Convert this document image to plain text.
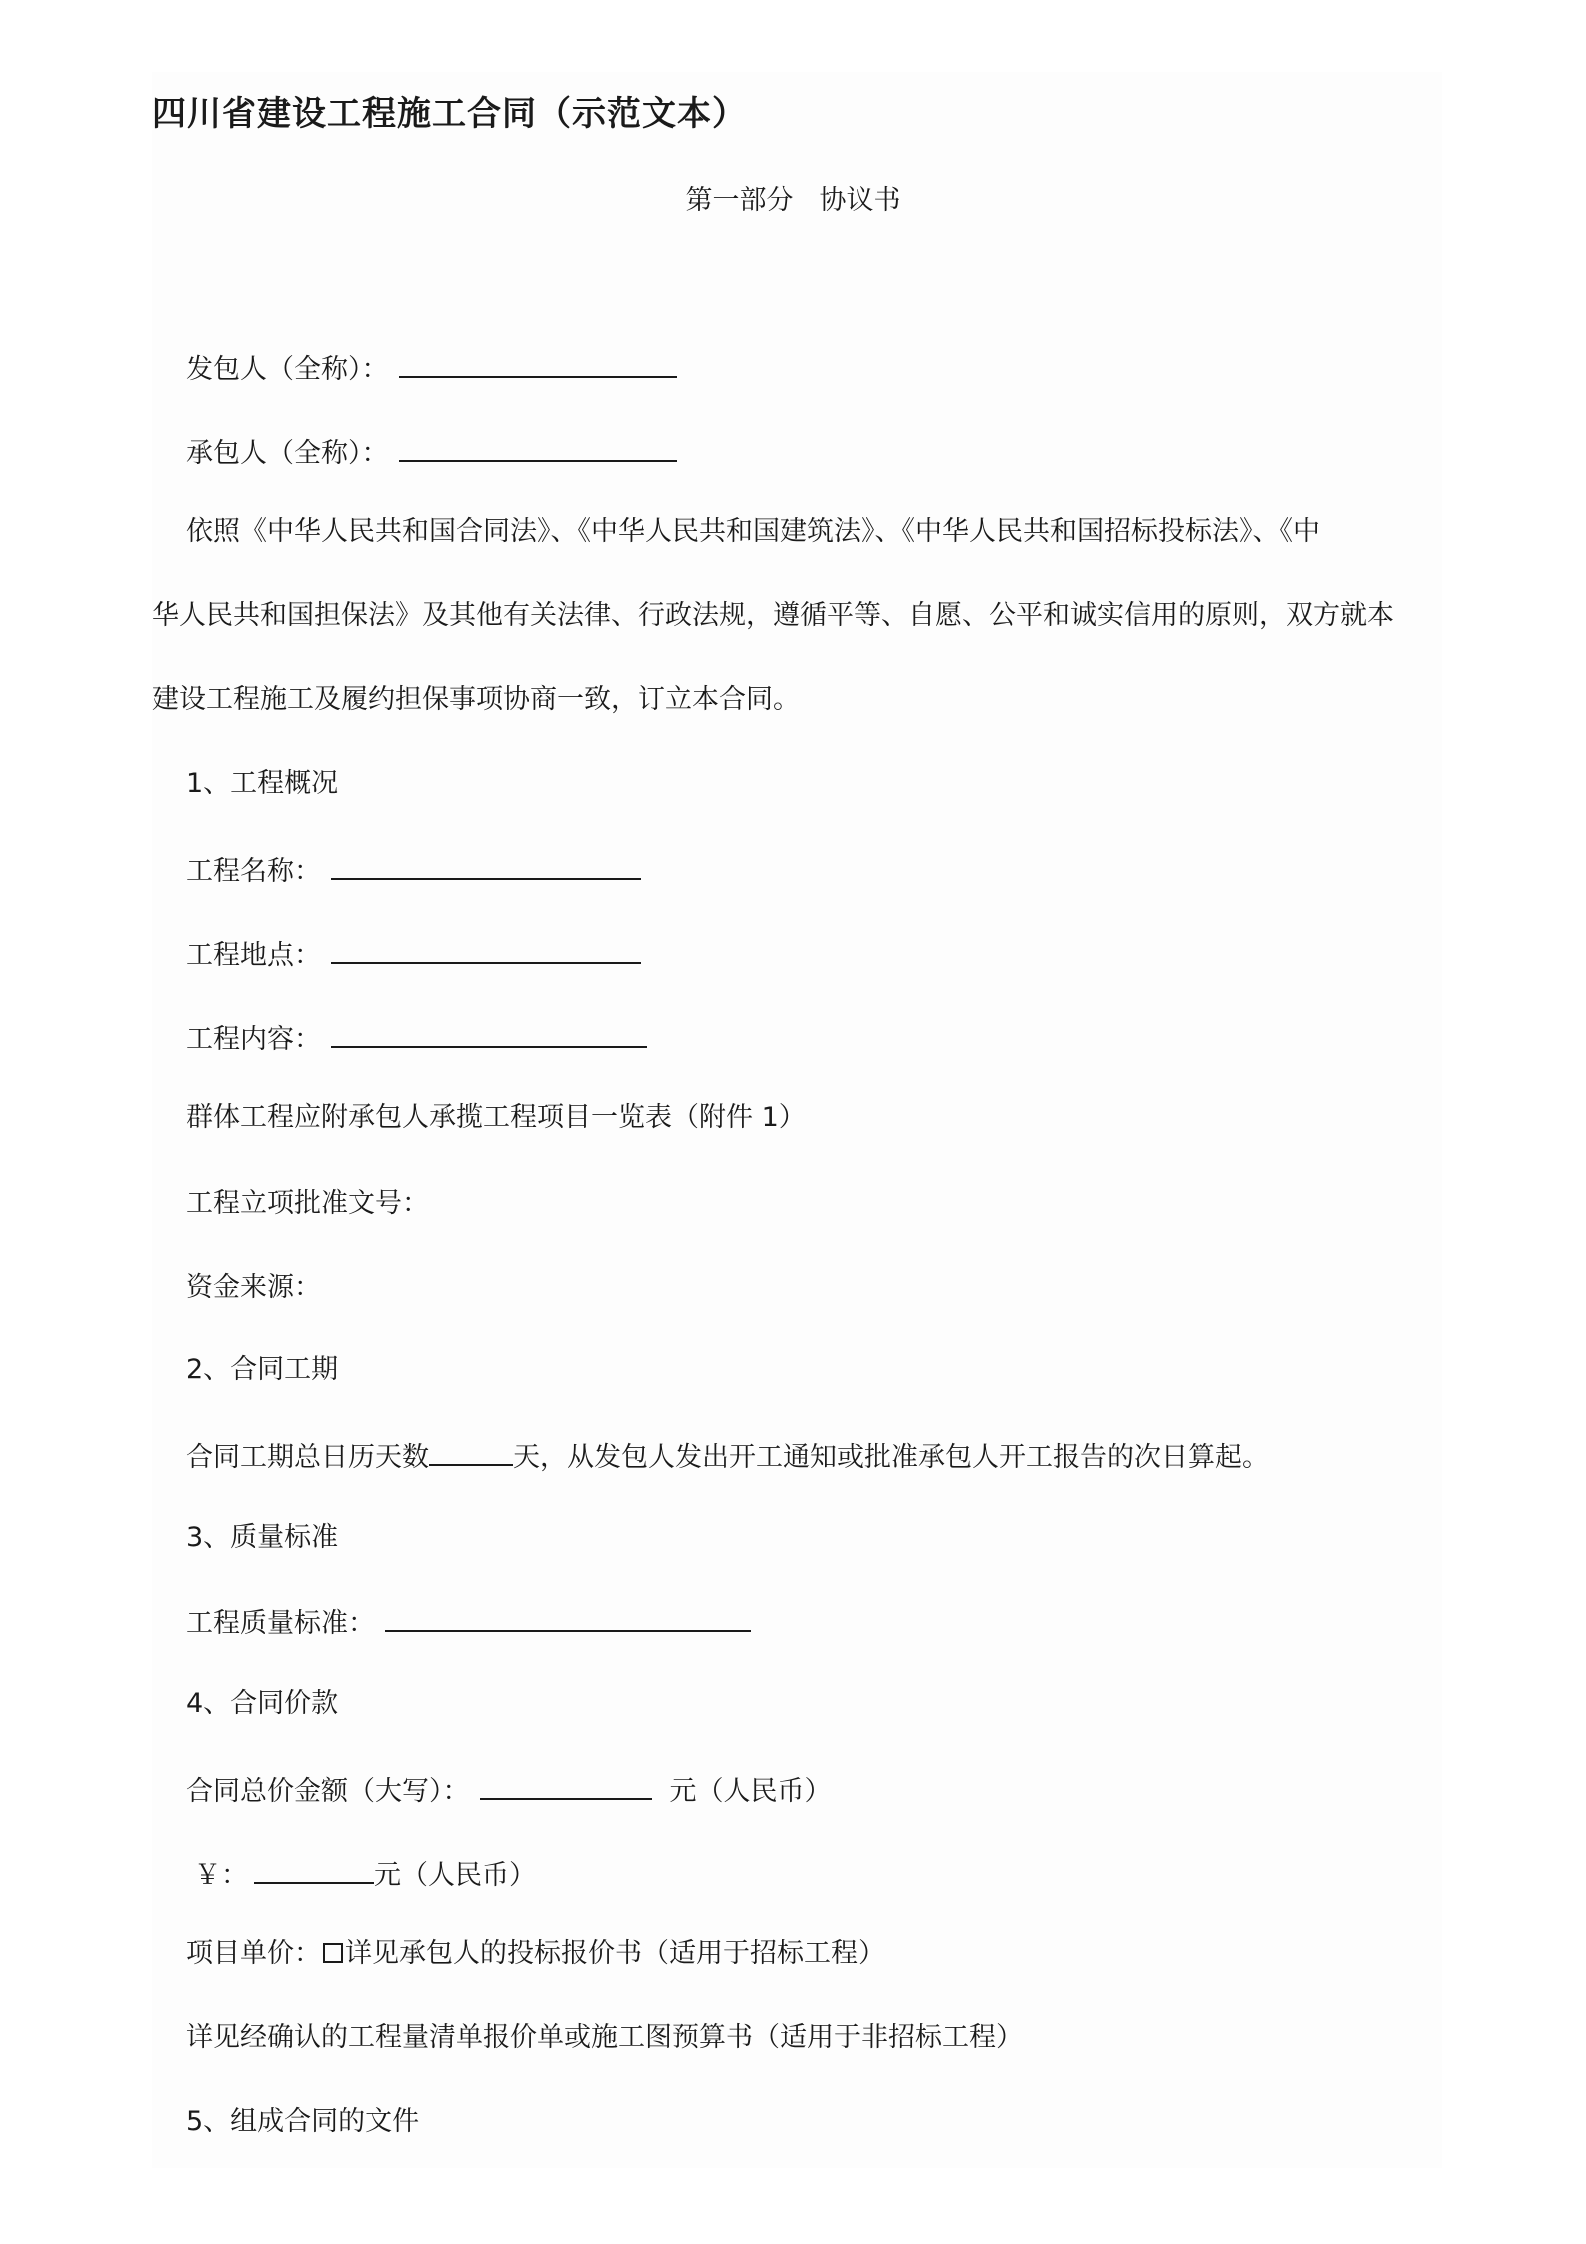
四川省建设工程施工合同（示范文本）
第一部分 协议书
发包人（全称）：
承包人（全称）：
依照《中华人民共和国合同法》、《中华人民共和国建筑法》、《中华人民共和国招标投标法》、《中
华人民共和国担保法》及其他有关法律、行政法规，遵循平等、自愿、公平和诚实信用的原则，双方就本
建设工程施工及履约担保事项协商一致，订立本合同。
1、工程概况
工程名称：
工程地点：
工程内容：
群体工程应附承包人承揽工程项目一览表（附件 1）
工程立项批准文号：
资金来源：
2、合同工期
合同工期总日历天数	天，从发包人发出开工通知或批准承包人开工报告的次日算起。
3、质量标准
工程质量标准：
4、合同价款
合同总价金额（大写）：	元（人民币）
￥：	元（人民币）
项目单价： 详见承包人的投标报价书（适用于招标工程）
详见经确认的工程量清单报价单或施工图预算书（适用于非招标工程）
5、组成合同的文件
